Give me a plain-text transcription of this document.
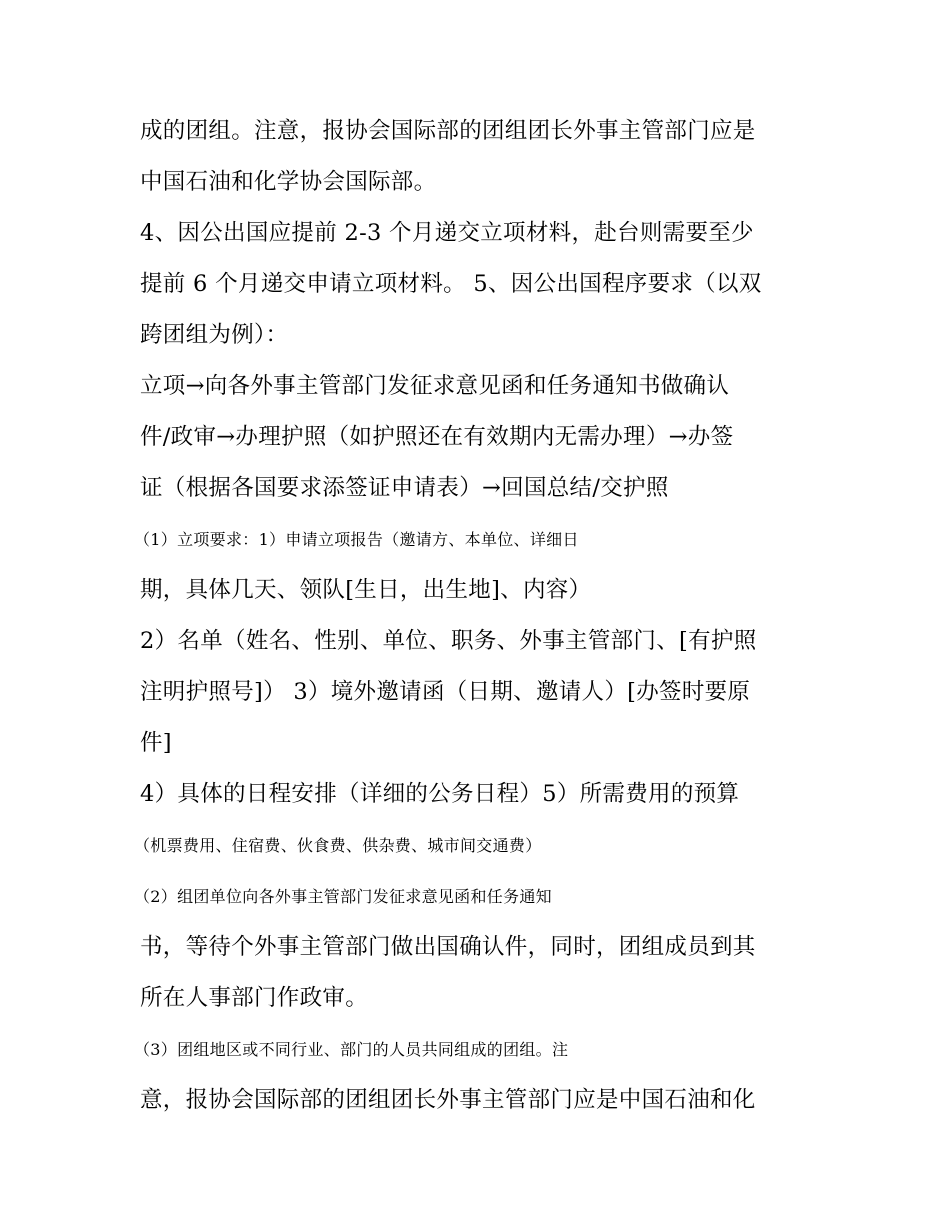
成的团组。注意，报协会国际部的团组团长外事主管部门应是
中国石油和化学协会国际部。
4、因公出国应提前 2-3 个月递交立项材料，赴台则需要至少
提前 6 个月递交申请立项材料。 5、因公出国程序要求（以双
跨团组为例）：
立项→向各外事主管部门发征求意见函和任务通知书做确认
件/政审→办理护照（如护照还在有效期内无需办理）→办签
证（根据各国要求添签证申请表）→回国总结/交护照
（1）立项要求：1）申请立项报告（邀请方、本单位、详细日
期，具体几天、领队[生日，出生地]、内容）
2）名单（姓名、性别、单位、职务、外事主管部门、[有护照
注明护照号]） 3）境外邀请函（日期、邀请人）[办签时要原
件]
4）具体的日程安排（详细的公务日程）5）所需费用的预算
（机票费用、住宿费、伙食费、供杂费、城市间交通费）
（2）组团单位向各外事主管部门发征求意见函和任务通知
书，等待个外事主管部门做出国确认件，同时，团组成员到其
所在人事部门作政审。
（3）团组地区或不同行业、部门的人员共同组成的团组。注
意，报协会国际部的团组团长外事主管部门应是中国石油和化
